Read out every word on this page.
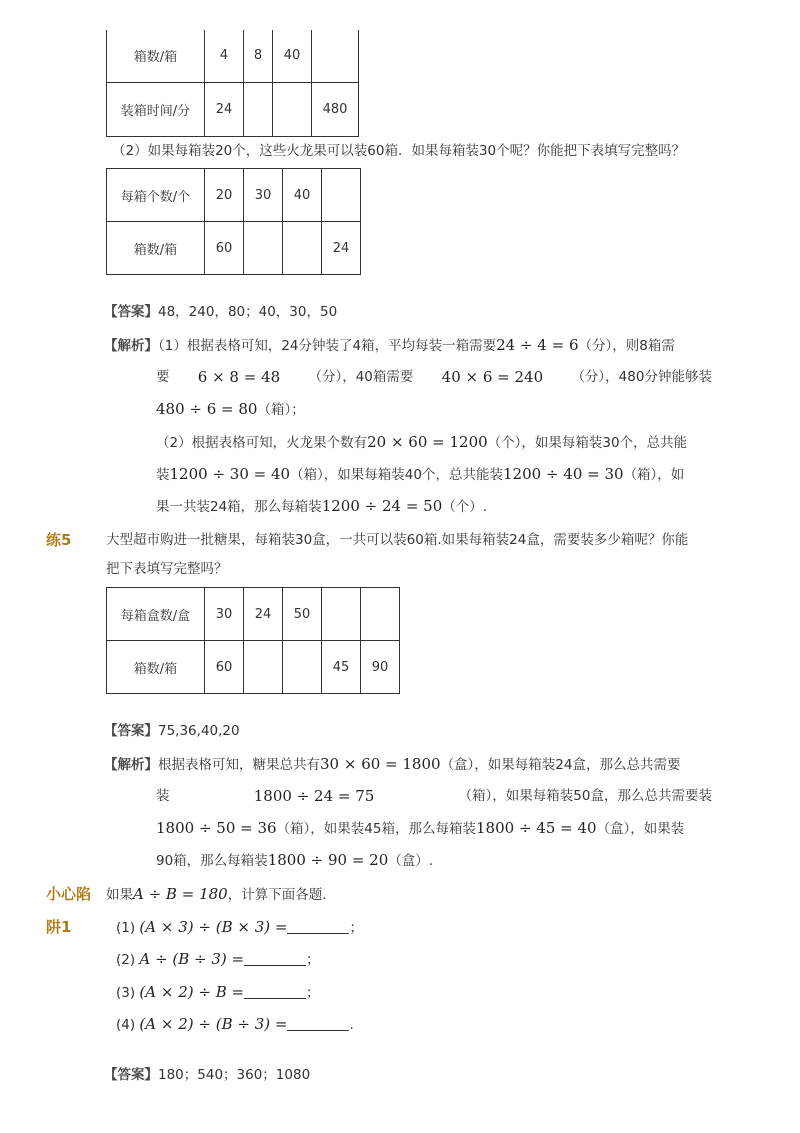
箱数/箱	4	8	40	
装箱时间/分	24			480
（2）如果每箱装20个，这些火龙果可以装60箱．如果每箱装30个呢？你能把下表填写完整吗？
每箱个数/个	20	30	40	
箱数/箱	60			24
【答案】48，240，80；40，30，50
【解析】（1）根据表格可知，24分钟装了4箱，平均每装一箱需要24 ÷ 4 = 6（分），则8箱需
要 6 × 8 = 48 （分），40箱需要 40 × 6 = 240 （分），480分钟能够装
480 ÷ 6 = 80（箱）；
（2）根据表格可知，火龙果个数有20 × 60 = 1200（个），如果每箱装30个，总共能
装1200 ÷ 30 = 40（箱），如果每箱装40个，总共能装1200 ÷ 40 = 30（箱），如
果一共装24箱，那么每箱装1200 ÷ 24 = 50（个）.
练5	大型超市购进一批糖果，每箱装30盒，一共可以装60箱.如果每箱装24盒，需要装多少箱呢？你能
把下表填写完整吗？
每箱盒数/盒	30	24	50		
箱数/箱	60			45	90
【答案】75,36,40,20
【解析】根据表格可知，糖果总共有30 × 60 = 1800（盒），如果每箱装24盒，那么总共需要
装	1800 ÷ 24 = 75	（箱），如果每箱装50盒，那么总共需要装
1800 ÷ 50 = 36（箱），如果装45箱，那么每箱装1800 ÷ 45 = 40（盒），如果装
90箱，那么每箱装1800 ÷ 90 = 20（盒）.
小心陷
阱1
如果A ÷ B = 180，计算下面各题.
(1) (A × 3) ÷ (B × 3) =	；
(2) A ÷ (B ÷ 3) =	；
(3) (A × 2) ÷ B =	；
(4) (A × 2) ÷ (B ÷ 3) =	.
【答案】180；540；360；1080
